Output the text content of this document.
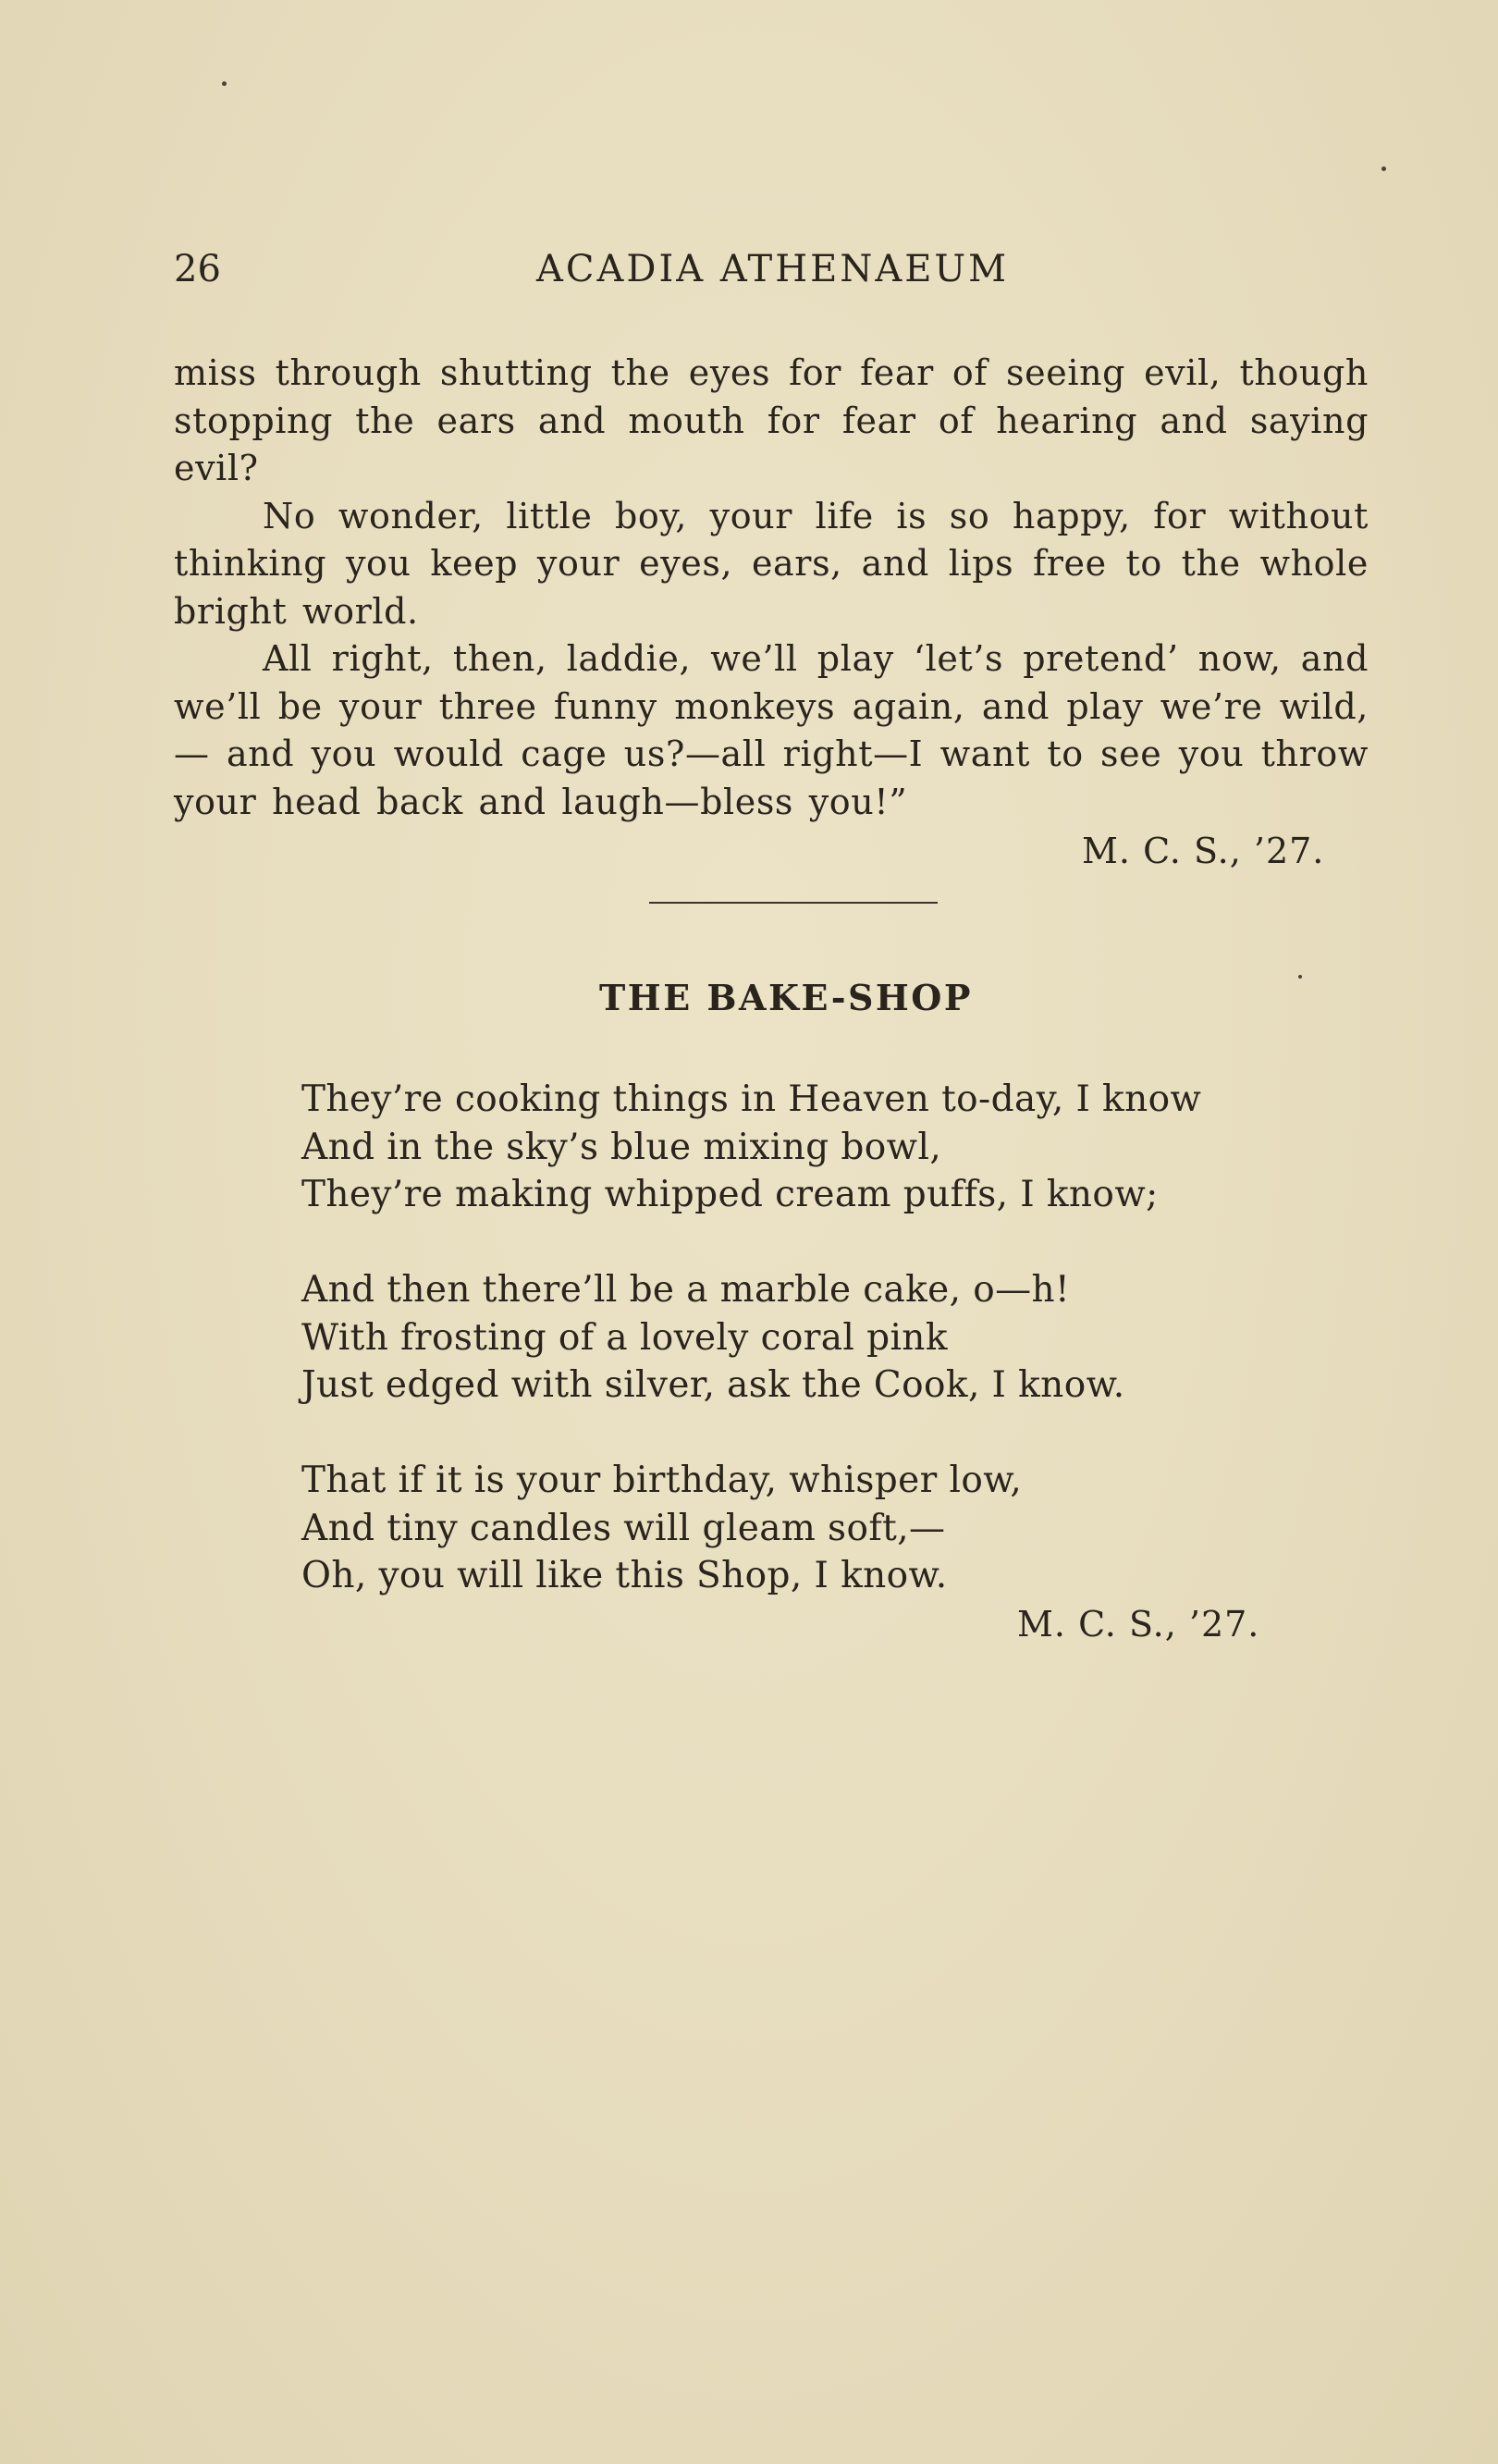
26	ACADIA ATHENAEUM

miss through shutting the eyes for fear of seeing evil, though stopping the ears and mouth for fear of hearing and saying evil?

No wonder, little boy, your life is so happy, for without thinking you keep your eyes, ears, and lips free to the whole bright world.

All right, then, laddie, we’ll play ‘let’s pretend’ now, and we’ll be your three funny monkeys again, and play we’re wild,— and you would cage us?—all right—I want to see you throw your head back and laugh—bless you!”

M. C. S., ’27.
THE BAKE-SHOP
They’re cooking things in Heaven to-day, I know
And in the sky’s blue mixing bowl,
They’re making whipped cream puffs, I know;
And then there’ll be a marble cake, o—h!
With frosting of a lovely coral pink
Just edged with silver, ask the Cook, I know.
That if it is your birthday, whisper low,
And tiny candles will gleam soft,—
Oh, you will like this Shop, I know.
M. C. S., ’27.
